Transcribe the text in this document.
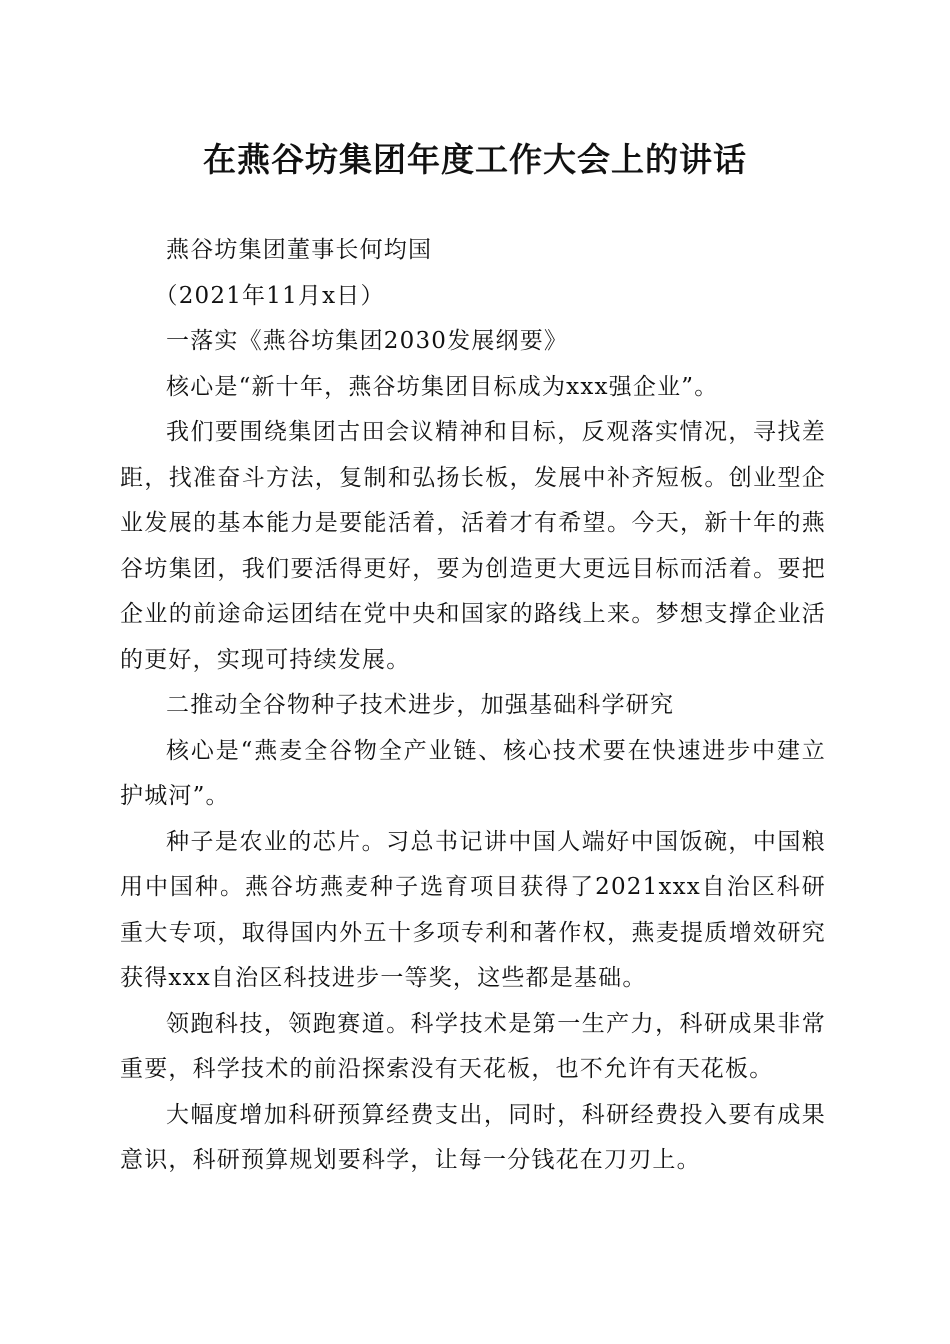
在燕谷坊集团年度工作大会上的讲话

燕谷坊集团董事长何均国

（2021年11月x日）

一落实《燕谷坊集团2030发展纲要》

核心是“新十年，燕谷坊集团目标成为xxx强企业”。

我们要围绕集团古田会议精神和目标，反观落实情况，寻找差距，找准奋斗方法，复制和弘扬长板，发展中补齐短板。创业型企业发展的基本能力是要能活着，活着才有希望。今天，新十年的燕谷坊集团，我们要活得更好，要为创造更大更远目标而活着。要把企业的前途命运团结在党中央和国家的路线上来。梦想支撑企业活的更好，实现可持续发展。

二推动全谷物种子技术进步，加强基础科学研究

核心是“燕麦全谷物全产业链、核心技术要在快速进步中建立护城河”。

种子是农业的芯片。习总书记讲中国人端好中国饭碗，中国粮用中国种。燕谷坊燕麦种子选育项目获得了2021xxx自治区科研重大专项，取得国内外五十多项专利和著作权，燕麦提质增效研究获得xxx自治区科技进步一等奖，这些都是基础。

领跑科技，领跑赛道。科学技术是第一生产力，科研成果非常重要，科学技术的前沿探索没有天花板，也不允许有天花板。

大幅度增加科研预算经费支出，同时，科研经费投入要有成果意识，科研预算规划要科学，让每一分钱花在刀刃上。
